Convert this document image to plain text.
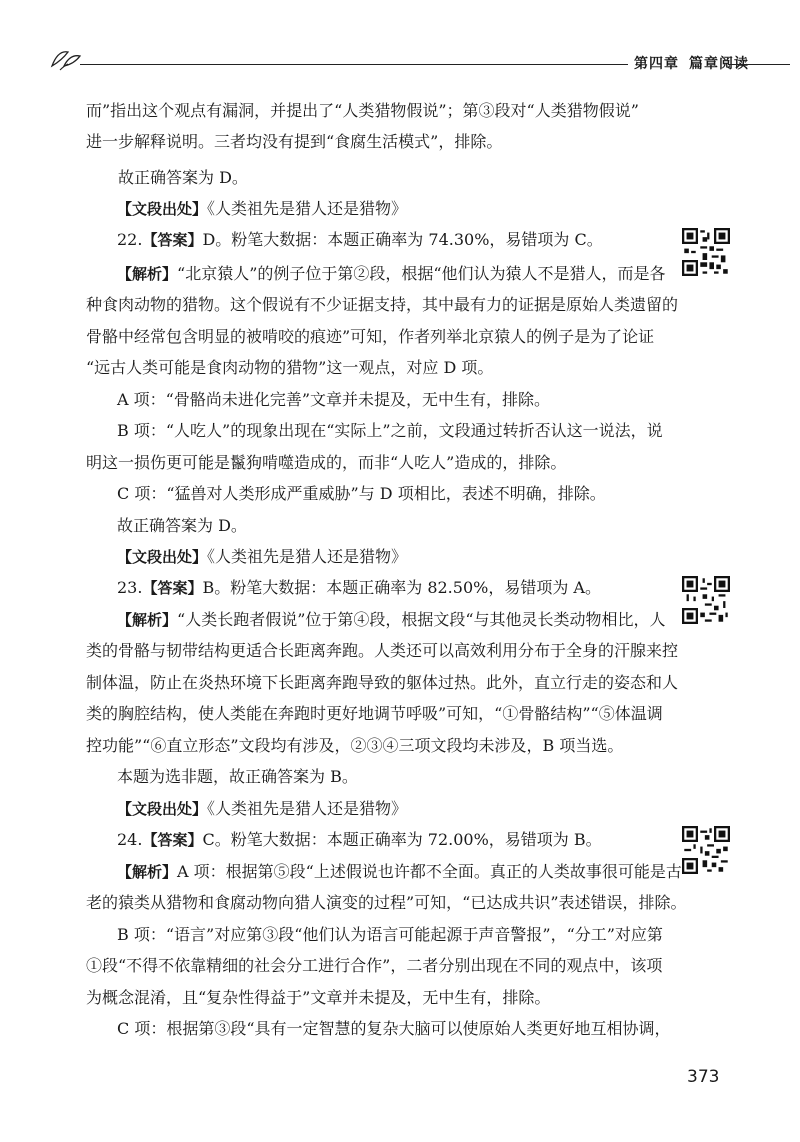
第四章 篇章阅读
而”指出这个观点有漏洞，并提出了“人类猎物假说”；第③段对“人类猎物假说”
进一步解释说明。三者均没有提到“食腐生活模式”，排除。
故正确答案为 D。
【文段出处】《人类祖先是猎人还是猎物》
22.【答案】D。粉笔大数据：本题正确率为 74.30%，易错项为 C。
【解析】“北京猿人”的例子位于第②段，根据“他们认为猿人不是猎人，而是各
种食肉动物的猎物。这个假说有不少证据支持，其中最有力的证据是原始人类遗留的
骨骼中经常包含明显的被啃咬的痕迹”可知，作者列举北京猿人的例子是为了论证
“远古人类可能是食肉动物的猎物”这一观点，对应 D 项。
A 项：“骨骼尚未进化完善”文章并未提及，无中生有，排除。
B 项：“人吃人”的现象出现在“实际上”之前，文段通过转折否认这一说法，说
明这一损伤更可能是鬣狗啃噬造成的，而非“人吃人”造成的，排除。
C 项：“猛兽对人类形成严重威胁”与 D 项相比，表述不明确，排除。
故正确答案为 D。
【文段出处】《人类祖先是猎人还是猎物》
23.【答案】B。粉笔大数据：本题正确率为 82.50%，易错项为 A。
【解析】“人类长跑者假说”位于第④段，根据文段“与其他灵长类动物相比，人
类的骨骼与韧带结构更适合长距离奔跑。人类还可以高效利用分布于全身的汗腺来控
制体温，防止在炎热环境下长距离奔跑导致的躯体过热。此外，直立行走的姿态和人
类的胸腔结构，使人类能在奔跑时更好地调节呼吸”可知，“①骨骼结构”“⑤体温调
控功能”“⑥直立形态”文段均有涉及，②③④三项文段均未涉及，B 项当选。
本题为选非题，故正确答案为 B。
【文段出处】《人类祖先是猎人还是猎物》
24.【答案】C。粉笔大数据：本题正确率为 72.00%，易错项为 B。
【解析】A 项：根据第⑤段“上述假说也许都不全面。真正的人类故事很可能是古
老的猿类从猎物和食腐动物向猎人演变的过程”可知，“已达成共识”表述错误，排除。
B 项：“语言”对应第③段“他们认为语言可能起源于声音警报”，“分工”对应第
①段“不得不依靠精细的社会分工进行合作”，二者分别出现在不同的观点中，该项
为概念混淆，且“复杂性得益于”文章并未提及，无中生有，排除。
C 项：根据第③段“具有一定智慧的复杂大脑可以使原始人类更好地互相协调，
373
